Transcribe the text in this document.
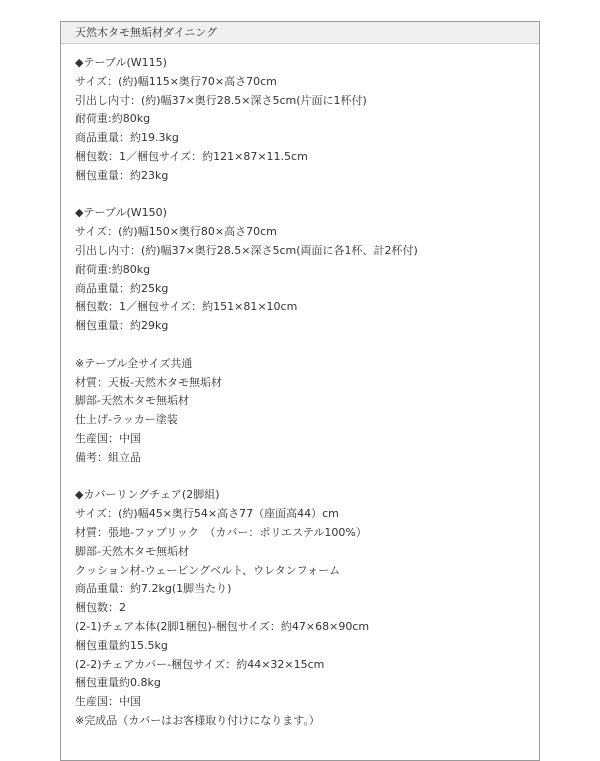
天然木タモ無垢材ダイニング
◆テーブル(W115)
サイズ：(約)幅115×奥行70×高さ70cm
引出し内寸：(約)幅37×奥行28.5×深さ5cm(片面に1杯付)
耐荷重:約80kg
商品重量：約19.3kg
梱包数：1／梱包サイズ：約121×87×11.5cm
梱包重量：約23kg
◆テーブル(W150)
サイズ：(約)幅150×奥行80×高さ70cm
引出し内寸：(約)幅37×奥行28.5×深さ5cm(両面に各1杯、計2杯付)
耐荷重:約80kg
商品重量：約25kg
梱包数：1／梱包サイズ：約151×81×10cm
梱包重量：約29kg
※テーブル全サイズ共通
材質：天板-天然木タモ無垢材
脚部-天然木タモ無垢材
仕上げ-ラッカー塗装
生産国：中国
備考：組立品
◆カバーリングチェア(2脚組)
サイズ：(約)幅45×奥行54×高さ77（座面高44）cm
材質：張地-ファブリック　（カバー：ポリエステル100%）
脚部-天然木タモ無垢材
クッション材-ウェービングベルト、ウレタンフォーム
商品重量：約7.2kg(1脚当たり)
梱包数：2
(2-1)チェア本体(2脚1梱包)-梱包サイズ：約47×68×90cm
梱包重量約15.5kg
(2-2)チェアカバー-梱包サイズ：約44×32×15cm
梱包重量約0.8kg
生産国：中国
※完成品（カバーはお客様取り付けになります。）
